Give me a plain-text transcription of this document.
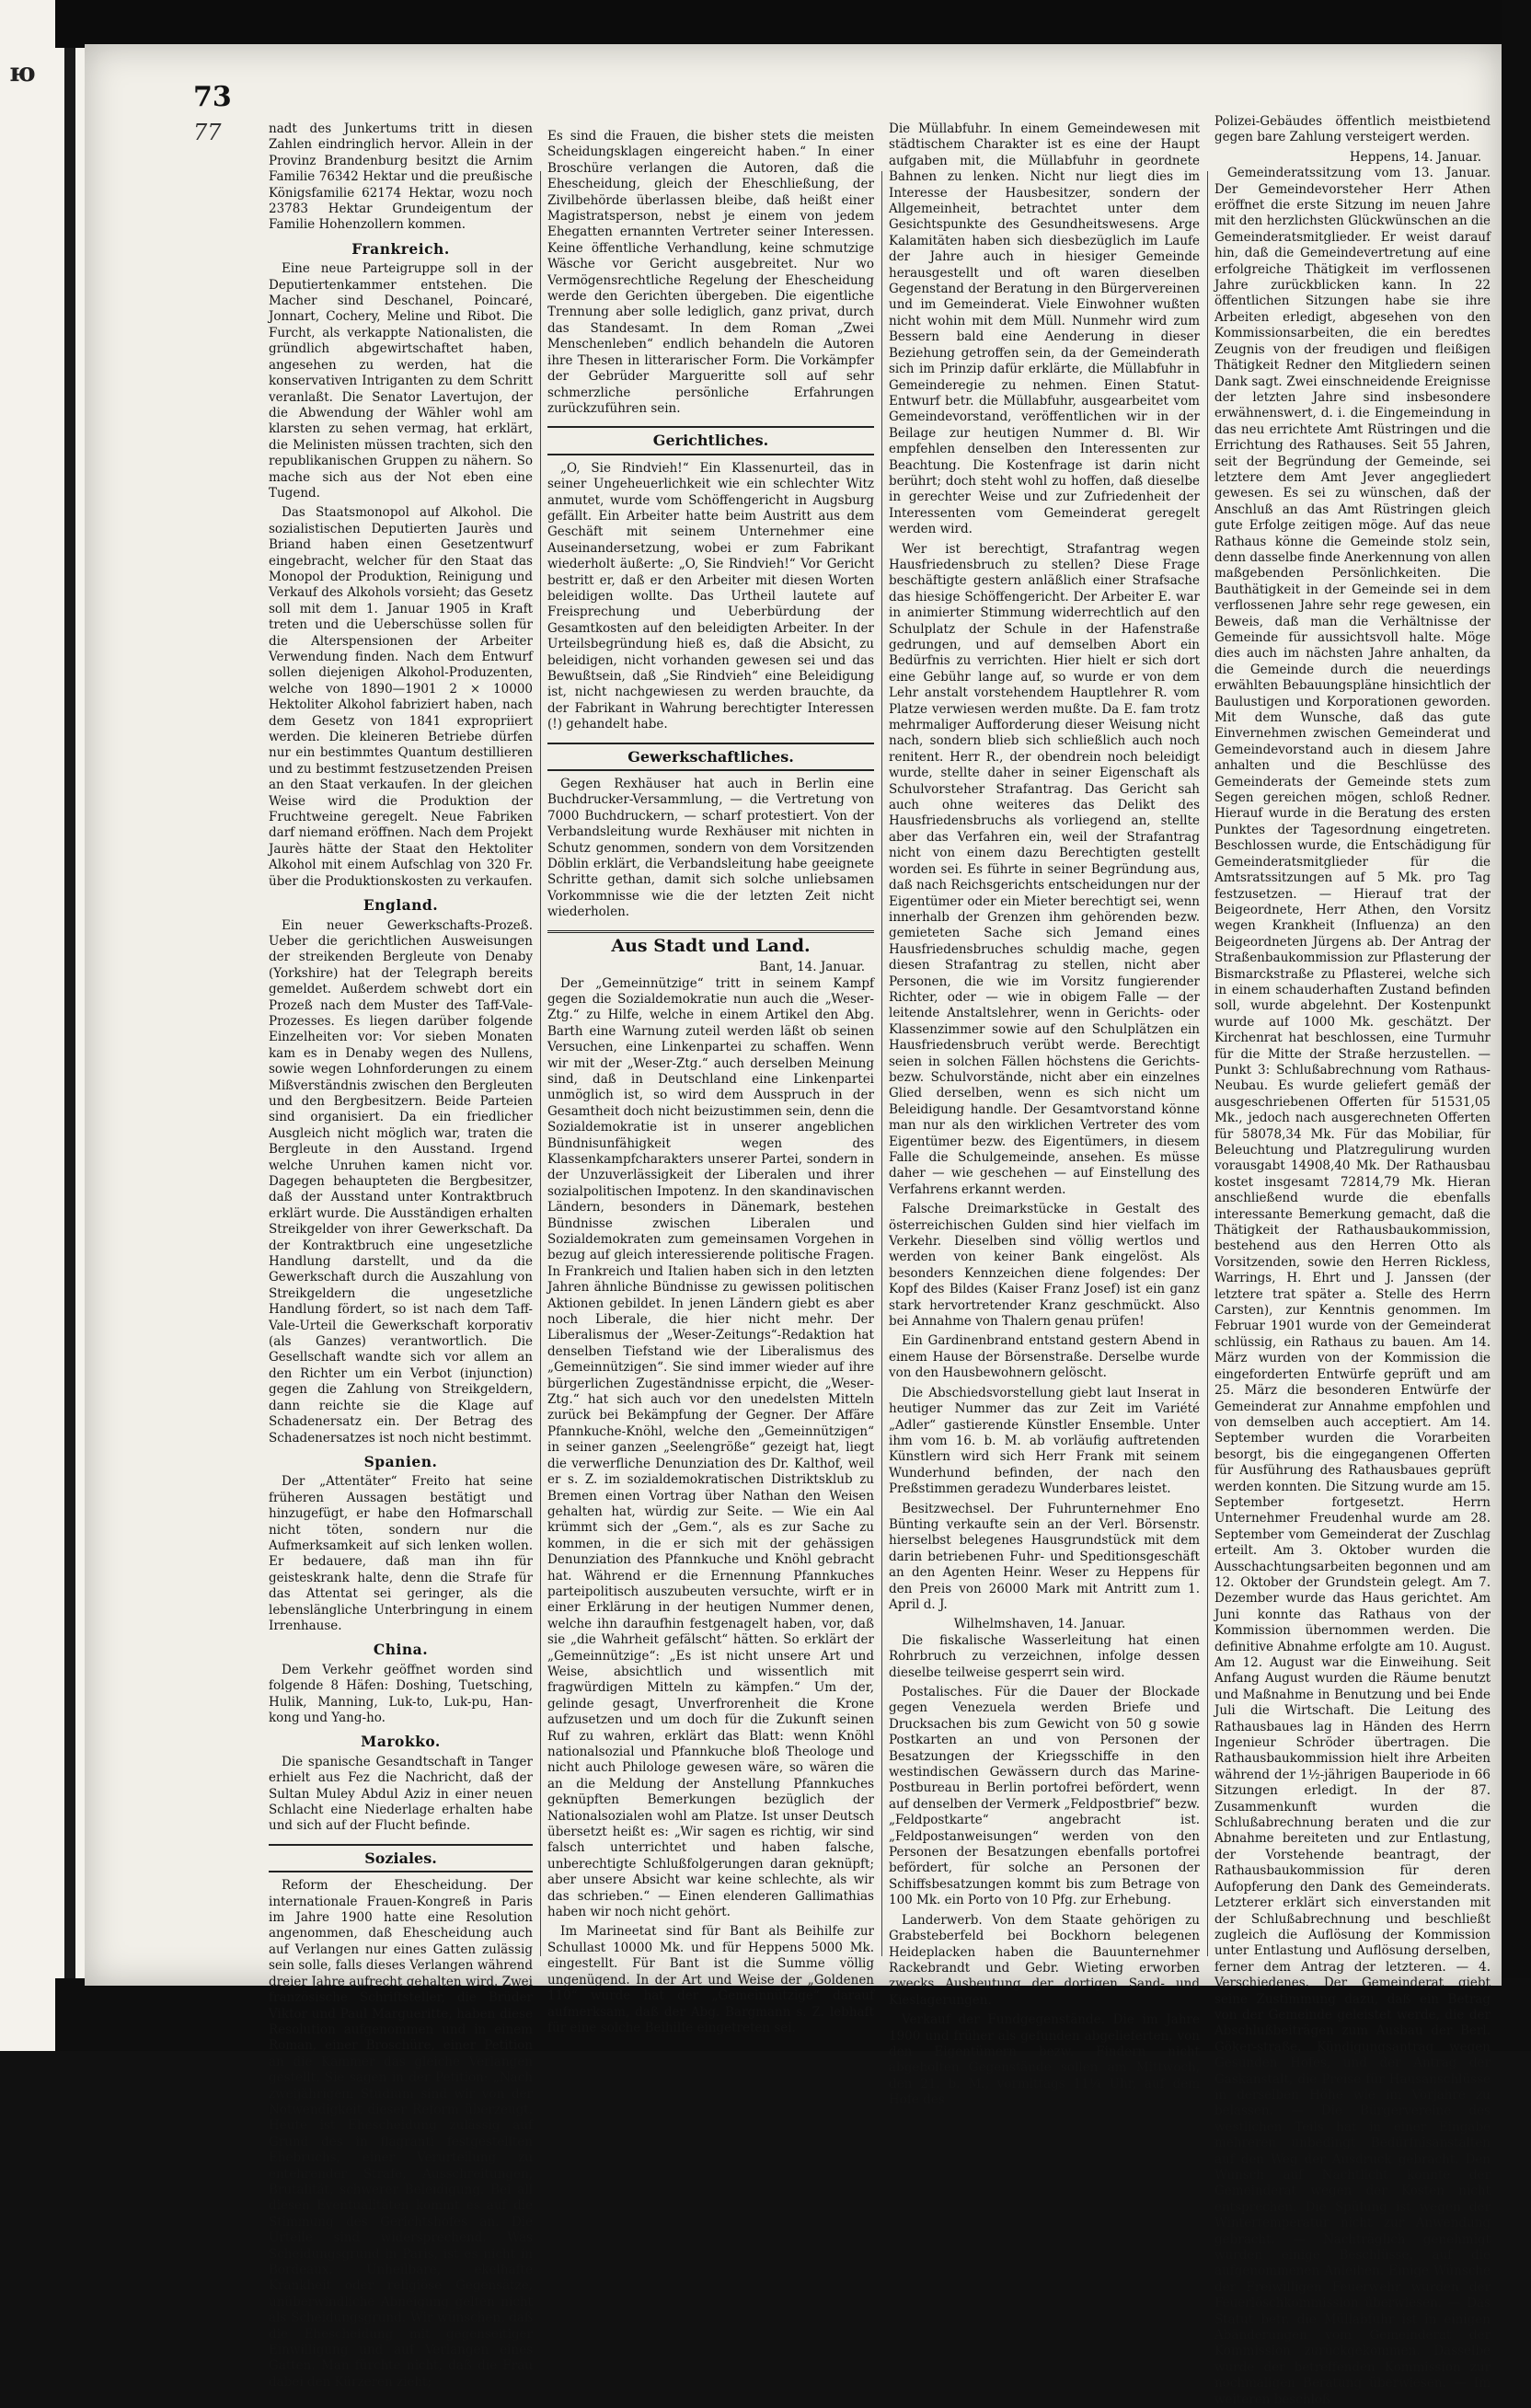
ю
73
77	nadt des Junkertums tritt in diesen Zahlen eindringlich hervor. Allein in der Provinz Brandenburg besitzt die Arnim Familie 76342 Hektar und die preußische Königsfamilie 62174 Hektar, wozu noch 23783 Hektar Grundeigentum der Familie Hohenzollern kommen.

Frankreich.

Eine neue Parteigruppe soll in der Deputiertenkammer entstehen. Die Macher sind Deschanel, Poincaré, Jonnart, Cochery, Meline und Ribot. Die Furcht, als verkappte Nationalisten, die gründlich abgewirtschaftet haben, angesehen zu werden, hat die konservativen Intriganten zu dem Schritt veranlaßt. Die Senator Lavertujon, der die Abwendung der Wähler wohl am klarsten zu sehen vermag, hat erklärt, die Melinisten müssen trachten, sich den republikanischen Gruppen zu nähern. So mache sich aus der Not eben eine Tugend.

Das Staatsmonopol auf Alkohol. Die sozialistischen Deputierten Jaurès und Briand haben einen Gesetzentwurf eingebracht, welcher für den Staat das Monopol der Produktion, Reinigung und Verkauf des Alkohols vorsieht; das Gesetz soll mit dem 1. Januar 1905 in Kraft treten und die Ueberschüsse sollen für die Alterspensionen der Arbeiter Verwendung finden. Nach dem Entwurf sollen diejenigen Alkohol-Produzenten, welche von 1890—1901 2 × 10000 Hektoliter Alkohol fabriziert haben, nach dem Gesetz von 1841 expropriiert werden. Die kleineren Betriebe dürfen nur ein bestimmtes Quantum destillieren und zu bestimmt festzusetzenden Preisen an den Staat verkaufen. In der gleichen Weise wird die Produktion der Fruchtweine geregelt. Neue Fabriken darf niemand eröffnen. Nach dem Projekt Jaurès hätte der Staat den Hektoliter Alkohol mit einem Aufschlag von 320 Fr. über die Produktionskosten zu verkaufen.

England.

Ein neuer Gewerkschafts-Prozeß. Ueber die gerichtlichen Ausweisungen der streikenden Bergleute von Denaby (Yorkshire) hat der Telegraph bereits gemeldet. Außerdem schwebt dort ein Prozeß nach dem Muster des Taff-Vale-Prozesses. Es liegen darüber folgende Einzelheiten vor: Vor sieben Monaten kam es in Denaby wegen des Nullens, sowie wegen Lohnforderungen zu einem Mißverständnis zwischen den Bergleuten und den Bergbesitzern. Beide Parteien sind organisiert. Da ein friedlicher Ausgleich nicht möglich war, traten die Bergleute in den Ausstand. Irgend welche Unruhen kamen nicht vor. Dagegen behaupteten die Bergbesitzer, daß der Ausstand unter Kontraktbruch erklärt wurde. Die Ausständigen erhalten Streikgelder von ihrer Gewerkschaft. Da der Kontraktbruch eine ungesetzliche Handlung darstellt, und da die Gewerkschaft durch die Auszahlung von Streikgeldern die ungesetzliche Handlung fördert, so ist nach dem Taff-Vale-Urteil die Gewerkschaft korporativ (als Ganzes) verantwortlich. Die Gesellschaft wandte sich vor allem an den Richter um ein Verbot (injunction) gegen die Zahlung von Streikgeldern, dann reichte sie die Klage auf Schadenersatz ein. Der Betrag des Schadenersatzes ist noch nicht bestimmt.

Spanien.

Der „Attentäter“ Freito hat seine früheren Aussagen bestätigt und hinzugefügt, er habe den Hofmarschall nicht töten, sondern nur die Aufmerksamkeit auf sich lenken wollen. Er bedauere, daß man ihn für geisteskrank halte, denn die Strafe für das Attentat sei geringer, als die lebenslängliche Unterbringung in einem Irrenhause.

China.

Dem Verkehr geöffnet worden sind folgende 8 Häfen: Doshing, Tuetsching, Hulik, Manning, Luk-to, Luk-pu, Han-kong und Yang-ho.

Marokko.

Die spanische Gesandtschaft in Tanger erhielt aus Fez die Nachricht, daß der Sultan Muley Abdul Aziz in einer neuen Schlacht eine Niederlage erhalten habe und sich auf der Flucht befinde.

Soziales.

Reform der Ehescheidung. Der internationale Frauen-Kongreß in Paris im Jahre 1900 hatte eine Resolution angenommen, daß Ehescheidung auch auf Verlangen nur eines Gatten zulässig sein solle, falls dieses Verlangen während dreier Jahre aufrecht gehalten wird. Zwei französische Schriftsteller, die Brüder Viktor und Paul Margueritte, haben diese Resolution aufgenommen und in einem Roman, einer Broschüre, einer Petition an die Kammer das gleiche Verlangen gestellt. Sie sagen in der Petition: „Nach zweijährigem Studium sind wir von der Notwendigkeit dieser Reform überzeugt. Heute ist Ehescheidung zulässig auf Grund des in flagranti festgestellten Ehebruchs, einer Verurteilung zu entehrender Strafe, Ausschreitungen, Brutalität, schwerer Beleidigung. Bei all diesen Eventualitäten kommt es auf die Stimmung des Gerichtshofes an. Die Urteile sind widersprechend. Was Scheidungsgrund in Paris, ist es nicht in Bordeaux. Unheilbare, ekelhafte Krankheit oder religiöse Gegensätze, unüberwindliche Abneigung gelten nicht als Scheidungsgrund. Wir wünschen, daß die Ehescheidung mit gegenseitiger Einwilligung und auf Verlangen eines Gatten. Man fürchte nicht, daß die Frau dabei den Kürzeren zieht;

Es sind die Frauen, die bisher stets die meisten Scheidungsklagen eingereicht haben.“ In einer Broschüre verlangen die Autoren, daß die Ehescheidung, gleich der Eheschließung, der Zivilbehörde überlassen bleibe, daß heißt einer Magistratsperson, nebst je einem von jedem Ehegatten ernannten Vertreter seiner Interessen. Keine öffentliche Verhandlung, keine schmutzige Wäsche vor Gericht ausgebreitet. Nur wo Vermögensrechtliche Regelung der Ehescheidung werde den Gerichten übergeben. Die eigentliche Trennung aber solle lediglich, ganz privat, durch das Standesamt. In dem Roman „Zwei Menschenleben“ endlich behandeln die Autoren ihre Thesen in litterarischer Form. Die Vorkämpfer der Gebrüder Margueritte soll auf sehr schmerzliche persönliche Erfahrungen zurückzuführen sein.

Gerichtliches.

„O, Sie Rindvieh!“ Ein Klassenurteil, das in seiner Ungeheuerlichkeit wie ein schlechter Witz anmutet, wurde vom Schöffengericht in Augsburg gefällt. Ein Arbeiter hatte beim Austritt aus dem Geschäft mit seinem Unternehmer eine Auseinandersetzung, wobei er zum Fabrikant wiederholt äußerte: „O, Sie Rindvieh!“ Vor Gericht bestritt er, daß er den Arbeiter mit diesen Worten beleidigen wollte. Das Urtheil lautete auf Freisprechung und Ueberbürdung der Gesamtkosten auf den beleidigten Arbeiter. In der Urteilsbegründung hieß es, daß die Absicht, zu beleidigen, nicht vorhanden gewesen sei und das Bewußtsein, daß „Sie Rindvieh“ eine Beleidigung ist, nicht nachgewiesen zu werden brauchte, da der Fabrikant in Wahrung berechtigter Interessen (!) gehandelt habe.

Gewerkschaftliches.

Gegen Rexhäuser hat auch in Berlin eine Buchdrucker-Versammlung, — die Vertretung von 7000 Buchdruckern, — scharf protestiert. Von der Verbandsleitung wurde Rexhäuser mit nichten in Schutz genommen, sondern von dem Vorsitzenden Döblin erklärt, die Verbandsleitung habe geeignete Schritte gethan, damit sich solche unliebsamen Vorkommnisse wie die der letzten Zeit nicht wiederholen.

Aus Stadt und Land.
Bant, 14. Januar.

Der „Gemeinnützige“ tritt in seinem Kampf gegen die Sozialdemokratie nun auch die „Weser-Ztg.“ zu Hilfe, welche in einem Artikel den Abg. Barth eine Warnung zuteil werden läßt ob seinen Versuchen, eine Linkenpartei zu schaffen. Wenn wir mit der „Weser-Ztg.“ auch derselben Meinung sind, daß in Deutschland eine Linkenpartei unmöglich ist, so wird dem Ausspruch in der Gesamtheit doch nicht beizustimmen sein, denn die Sozialdemokratie ist in unserer angeblichen Bündnisunfähigkeit wegen des Klassenkampfcharakters unserer Partei, sondern in der Unzuverlässigkeit der Liberalen und ihrer sozialpolitischen Impotenz. In den skandinavischen Ländern, besonders in Dänemark, bestehen Bündnisse zwischen Liberalen und Sozialdemokraten zum gemeinsamen Vorgehen in bezug auf gleich interessierende politische Fragen. In Frankreich und Italien haben sich in den letzten Jahren ähnliche Bündnisse zu gewissen politischen Aktionen gebildet. In jenen Ländern giebt es aber noch Liberale, die hier nicht mehr. Der Liberalismus der „Weser-Zeitungs“-Redaktion hat denselben Tiefstand wie der Liberalismus des „Gemeinnützigen“. Sie sind immer wieder auf ihre bürgerlichen Zugeständnisse erpicht, die „Weser-Ztg.“ hat sich auch vor den unedelsten Mitteln zurück bei Bekämpfung der Gegner. Der Affäre Pfannkuche-Knöhl, welche den „Gemeinnützigen“ in seiner ganzen „Seelengröße“ gezeigt hat, liegt die verwerfliche Denunziation des Dr. Kalthof, weil er s. Z. im sozialdemokratischen Distriktsklub zu Bremen einen Vortrag über Nathan den Weisen gehalten hat, würdig zur Seite. — Wie ein Aal krümmt sich der „Gem.“, als es zur Sache zu kommen, in die er sich mit der gehässigen Denunziation des Pfannkuche und Knöhl gebracht hat. Während er die Ernennung Pfannkuches parteipolitisch auszubeuten versuchte, wirft er in einer Erklärung in der heutigen Nummer denen, welche ihn daraufhin festgenagelt haben, vor, daß sie „die Wahrheit gefälscht“ hätten. So erklärt der „Gemeinnützige“: „Es ist nicht unsere Art und Weise, absichtlich und wissentlich mit fragwürdigen Mitteln zu kämpfen.“ Um der, gelinde gesagt, Unverfrorenheit die Krone aufzusetzen und um doch für die Zukunft seinen Ruf zu wahren, erklärt das Blatt: wenn Knöhl nationalsozial und Pfannkuche bloß Theologe und nicht auch Philologe gewesen wäre, so wären die an die Meldung der Anstellung Pfannkuches geknüpften Bemerkungen bezüglich der Nationalsozialen wohl am Platze. Ist unser Deutsch übersetzt heißt es: „Wir sagen es richtig, wir sind falsch unterrichtet und haben falsche, unberechtigte Schlußfolgerungen daran geknüpft; aber unsere Absicht war keine schlechte, als wir das schrieben.“ — Einen elenderen Gallimathias haben wir noch nicht gehört.

Im Marineetat sind für Bant als Beihilfe zur Schullast 10000 Mk. und für Heppens 5000 Mk. eingestellt. Für Bant ist die Summe völlig ungenügend. In der Art und Weise der „Goldenen 110“ wurde hat der „Gemeinnützige“ darauf aufmerksam, daß der Abg. Bargmann s. Z. lebhaft für eine solche Beihilfe eingetreten sei.

Die Müllabfuhr. In einem Gemeindewesen mit städtischem Charakter ist es eine der Haupt aufgaben mit, die Müllabfuhr in geordnete Bahnen zu lenken. Nicht nur liegt dies im Interesse der Hausbesitzer, sondern der Allgemeinheit, betrachtet unter dem Gesichtspunkte des Gesundheitswesens. Arge Kalamitäten haben sich diesbezüglich im Laufe der Jahre auch in hiesiger Gemeinde herausgestellt und oft waren dieselben Gegenstand der Beratung in den Bürgervereinen und im Gemeinderat. Viele Einwohner wußten nicht wohin mit dem Müll. Nunmehr wird zum Bessern bald eine Aenderung in dieser Beziehung getroffen sein, da der Gemeinderath sich im Prinzip dafür erklärte, die Müllabfuhr in Gemeinderegie zu nehmen. Einen Statut-Entwurf betr. die Müllabfuhr, ausgearbeitet vom Gemeindevorstand, veröffentlichen wir in der Beilage zur heutigen Nummer d. Bl. Wir empfehlen denselben den Interessenten zur Beachtung. Die Kostenfrage ist darin nicht berührt; doch steht wohl zu hoffen, daß dieselbe in gerechter Weise und zur Zufriedenheit der Interessenten vom Gemeinderat geregelt werden wird.

Wer ist berechtigt, Strafantrag wegen Hausfriedensbruch zu stellen? Diese Frage beschäftigte gestern anläßlich einer Strafsache das hiesige Schöffengericht. Der Arbeiter E. war in animierter Stimmung widerrechtlich auf den Schulplatz der Schule in der Hafenstraße gedrungen, und auf demselben Abort ein Bedürfnis zu verrichten. Hier hielt er sich dort eine Gebühr lange auf, so wurde er von dem Lehr anstalt vorstehendem Hauptlehrer R. vom Platze verwiesen werden mußte. Da E. fam trotz mehrmaliger Aufforderung dieser Weisung nicht nach, sondern blieb sich schließlich auch noch renitent. Herr R., der obendrein noch beleidigt wurde, stellte daher in seiner Eigenschaft als Schulvorsteher Strafantrag. Das Gericht sah auch ohne weiteres das Delikt des Hausfriedensbruchs als vorliegend an, stellte aber das Verfahren ein, weil der Strafantrag nicht von einem dazu Berechtigten gestellt worden sei. Es führte in seiner Begründung aus, daß nach Reichsgerichts entscheidungen nur der Eigentümer oder ein Mieter berechtigt sei, wenn innerhalb der Grenzen ihm gehörenden bezw. gemieteten Sache sich Jemand eines Hausfriedensbruches schuldig mache, gegen diesen Strafantrag zu stellen, nicht aber Personen, die wie im Vorsitz fungierender Richter, oder — wie in obigem Falle — der leitende Anstaltslehrer, wenn in Gerichts- oder Klassenzimmer sowie auf den Schulplätzen ein Hausfriedensbruch verübt werde. Berechtigt seien in solchen Fällen höchstens die Gerichts- bezw. Schulvorstände, nicht aber ein einzelnes Glied derselben, wenn es sich nicht um Beleidigung handle. Der Gesamtvorstand könne man nur als den wirklichen Vertreter des vom Eigentümer bezw. des Eigentümers, in diesem Falle die Schulgemeinde, ansehen. Es müsse daher — wie geschehen — auf Einstellung des Verfahrens erkannt werden.

Falsche Dreimarkstücke in Gestalt des österreichischen Gulden sind hier vielfach im Verkehr. Dieselben sind völlig wertlos und werden von keiner Bank eingelöst. Als besonders Kennzeichen diene folgendes: Der Kopf des Bildes (Kaiser Franz Josef) ist ein ganz stark hervortretender Kranz geschmückt. Also bei Annahme von Thalern genau prüfen!

Ein Gardinenbrand entstand gestern Abend in einem Hause der Börsenstraße. Derselbe wurde von den Hausbewohnern gelöscht.

Die Abschiedsvorstellung giebt laut Inserat in heutiger Nummer das zur Zeit im Variété „Adler“ gastierende Künstler Ensemble. Unter ihm vom 16. b. M. ab vorläufig auftretenden Künstlern wird sich Herr Frank mit seinem Wunderhund befinden, der nach den Preßstimmen geradezu Wunderbares leistet.

Besitzwechsel. Der Fuhrunternehmer Eno Bünting verkaufte sein an der Verl. Börsenstr. hierselbst belegenes Hausgrundstück mit dem darin betriebenen Fuhr- und Speditionsgeschäft an den Agenten Heinr. Weser zu Heppens für den Preis von 26000 Mark mit Antritt zum 1. April d. J.

Wilhelmshaven, 14. Januar.

Die fiskalische Wasserleitung hat einen Rohrbruch zu verzeichnen, infolge dessen dieselbe teilweise gesperrt sein wird.

Postalisches. Für die Dauer der Blockade gegen Venezuela werden Briefe und Drucksachen bis zum Gewicht von 50 g sowie Postkarten an und von Personen der Besatzungen der Kriegsschiffe in den westindischen Gewässern durch das Marine-Postbureau in Berlin portofrei befördert, wenn auf denselben der Vermerk „Feldpostbrief“ bezw. „Feldpostkarte“ angebracht ist. „Feldpostanweisungen“ werden von den Personen der Besatzungen ebenfalls portofrei befördert, für solche an Personen der Schiffsbesatzungen kommt bis zum Betrage von 100 Mk. ein Porto von 10 Pfg. zur Erhebung.

Landerwerb. Von dem Staate gehörigen zu Grabsteberfeld bei Bockhorn belegenen Heideplacken haben die Bauunternehmer Rackebrandt und Gebr. Wieting erworben zwecks Ausbeutung der dortigen Sand- und Kieslagerungen.

Verkauf der Fundgegenstände. Die im Jahre 1900 und früher als gefunden abgelieferten, von den Eigentümern bezw. Findern nicht abgeholten Gegenstände sollen am Mittwoch, den 21. b. M., vormittags 11¼ Uhr, auf dem Hofe des

Polizei-Gebäudes öffentlich meistbietend gegen bare Zahlung versteigert werden.

Heppens, 14. Januar.

Gemeinderatssitzung vom 13. Januar. Der Gemeindevorsteher Herr Athen eröffnet die erste Sitzung im neuen Jahre mit den herzlichsten Glückwünschen an die Gemeinderatsmitglieder. Er weist darauf hin, daß die Gemeindevertretung auf eine erfolgreiche Thätigkeit im verflossenen Jahre zurückblicken kann. In 22 öffentlichen Sitzungen habe sie ihre Arbeiten erledigt, abgesehen von den Kommissionsarbeiten, die ein beredtes Zeugnis von der freudigen und fleißigen Thätigkeit Redner den Mitgliedern seinen Dank sagt. Zwei einschneidende Ereignisse der letzten Jahre sind insbesondere erwähnenswert, d. i. die Eingemeindung in das neu errichtete Amt Rüstringen und die Errichtung des Rathauses. Seit 55 Jahren, seit der Begründung der Gemeinde, sei letztere dem Amt Jever angegliedert gewesen. Es sei zu wünschen, daß der Anschluß an das Amt Rüstringen gleich gute Erfolge zeitigen möge. Auf das neue Rathaus könne die Gemeinde stolz sein, denn dasselbe finde Anerkennung von allen maßgebenden Persönlichkeiten. Die Bauthätigkeit in der Gemeinde sei in dem verflossenen Jahre sehr rege gewesen, ein Beweis, daß man die Verhältnisse der Gemeinde für aussichtsvoll halte. Möge dies auch im nächsten Jahre anhalten, da die Gemeinde durch die neuerdings erwählten Bebauungspläne hinsichtlich der Baulustigen und Korporationen geworden. Mit dem Wunsche, daß das gute Einvernehmen zwischen Gemeinderat und Gemeindevorstand auch in diesem Jahre anhalten und die Beschlüsse des Gemeinderats der Gemeinde stets zum Segen gereichen mögen, schloß Redner. Hierauf wurde in die Beratung des ersten Punktes der Tagesordnung eingetreten. Beschlossen wurde, die Entschädigung für Gemeinderatsmitglieder für die Amtsratssitzungen auf 5 Mk. pro Tag festzusetzen. — Hierauf trat der Beigeordnete, Herr Athen, den Vorsitz wegen Krankheit (Influenza) an den Beigeordneten Jürgens ab. Der Antrag der Straßenbaukommission zur Pflasterung der Bismarckstraße zu Pflasterei, welche sich in einem schauderhaften Zustand befinden soll, wurde abgelehnt. Der Kostenpunkt wurde auf 1000 Mk. geschätzt. Der Kirchenrat hat beschlossen, eine Turmuhr für die Mitte der Straße herzustellen. — Punkt 3: Schlußabrechnung vom Rathaus-Neubau. Es wurde geliefert gemäß der ausgeschriebenen Offerten für 51531,05 Mk., jedoch nach ausgerechneten Offerten für 58078,34 Mk. Für das Mobiliar, für Beleuchtung und Platzregulirung wurden vorausgabt 14908,40 Mk. Der Rathausbau kostet insgesamt 72814,79 Mk. Hieran anschließend wurde die ebenfalls interessante Bemerkung gemacht, daß die Thätigkeit der Rathausbaukommission, bestehend aus den Herren Otto als Vorsitzenden, sowie den Herren Rickless, Warrings, H. Ehrt und J. Janssen (der letztere trat später a. Stelle des Herrn Carsten), zur Kenntnis genommen. Im Februar 1901 wurde von der Gemeinderat schlüssig, ein Rathaus zu bauen. Am 14. März wurden von der Kommission die eingeforderten Entwürfe geprüft und am 25. März die besonderen Entwürfe der Gemeinderat zur Annahme empfohlen und von demselben auch acceptiert. Am 14. September wurden die Vorarbeiten besorgt, bis die eingegangenen Offerten für Ausführung des Rathausbaues geprüft werden konnten. Die Sitzung wurde am 15. September fortgesetzt. Herrn Unternehmer Freudenhal wurde am 28. September vom Gemeinderat der Zuschlag erteilt. Am 3. Oktober wurden die Ausschachtungsarbeiten begonnen und am 12. Oktober der Grundstein gelegt. Am 7. Dezember wurde das Haus gerichtet. Am Juni konnte das Rathaus von der Kommission übernommen werden. Die definitive Abnahme erfolgte am 10. August. Am 12. August war die Einweihung. Seit Anfang August wurden die Räume benutzt und Maßnahme in Benutzung und bei Ende Juli die Wirtschaft. Die Leitung des Rathausbaues lag in Händen des Herrn Ingenieur Schröder übertragen. Die Rathausbaukommission hielt ihre Arbeiten während der 1½-jährigen Bauperiode in 66 Sitzungen erledigt. In der 87. Zusammenkunft wurden die Schlußabrechnung beraten und die zur Abnahme bereiteten und zur Entlastung, der Vorstehende beantragt, der Rathausbaukommission für deren Aufopferung den Dank des Gemeinderats. Letzterer erklärt sich einverstanden mit der Schlußabrechnung und beschließt zugleich die Auflösung der Kommission unter Entlastung und Auflösung derselben, ferner dem Antrag der letzteren. — 4. Verschiedenes. Der Gemeinderat giebt seine Zustimmung dazu, daß ein Betrag von der Gemeinde geleistet werde, die der Abschlußbeiträgen zum Ausbau der Berl. Göker-straße. Kündigungsantrag wegen Gesunden Hofes, und der Antrag der Gaskanstalt, die Preise für Hausanschlüsse in derselben Höhe wie im Vorjahre zu belassen. — Die Bürgervereine des westlichen Teils hat in einer Eingabe mehreren unbedingt Bedürfnisanstalten auf den Weg der Ausdruck gebracht. Den Wunsch auf Nachtlicht konnte der Gemeinderat wegen der Kosten nicht entsprechen. Die Spülung ist wegen der Wintertemperatur nicht zur Anwendung gebracht. — Nachträglich genehmigt wurden einige Beschlüsse, auf die aufgenommenen Anleihen. Einige Wünsche der Freiwilligen Feuerwehr wurden der Feuerlöschkommission überwiesen. — Das Statut betr. die Müllabfuhr ist in einigen Abänderungen vom Gemeinderat der Kommission zurückgekommen. Dasselbe wurde der betreffenden Kommission zur nochmaligen Beratung überwiesen. — Im weiteren beschloß
